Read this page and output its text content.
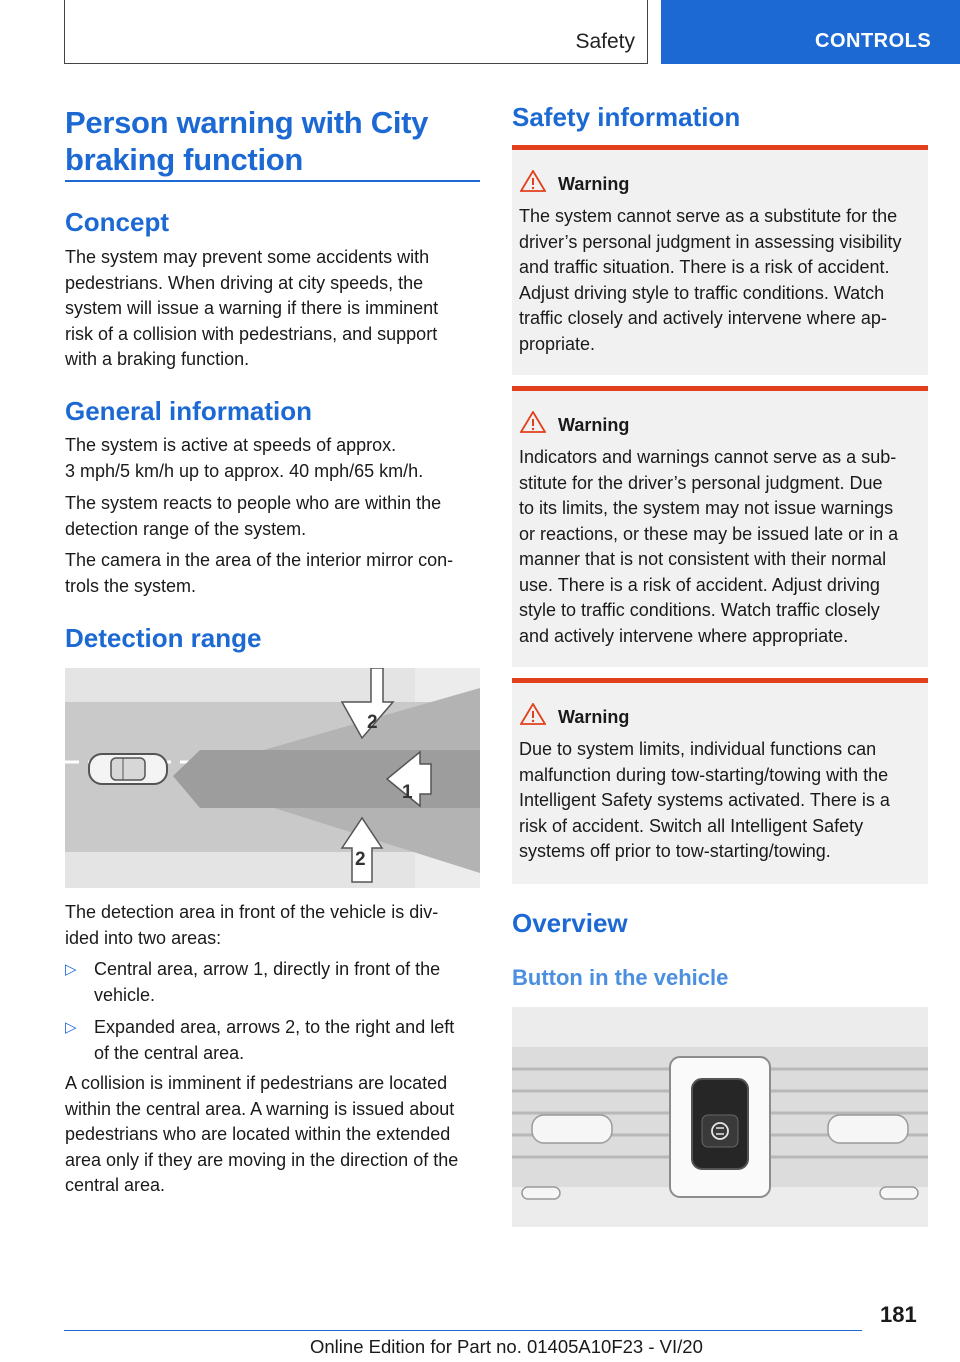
Safety	CONTROLS
Person warning with City
braking function
Concept
The system may prevent some accidents with
pedestrians. When driving at city speeds, the
system will issue a warning if there is imminent
risk of a collision with pedestrians, and support
with a braking function.
General information
The system is active at speeds of approx.
3 mph/5 km/h up to approx. 40 mph/65 km/h.
The system reacts to people who are within the
detection range of the system.
The camera in the area of the interior mirror con‐
trols the system.
Detection range
2
1
2
The detection area in front of the vehicle is div‐
ided into two areas:
▷ Central area, arrow 1, directly in front of the
vehicle.
▷ Expanded area, arrows 2, to the right and left
of the central area.
A collision is imminent if pedestrians are located
within the central area. A warning is issued about
pedestrians who are located within the extended
area only if they are moving in the direction of the
central area.
Safety information
Warning
The system cannot serve as a substitute for the
driver’s personal judgment in assessing visibility
and traffic situation. There is a risk of accident.
Adjust driving style to traffic conditions. Watch
traffic closely and actively intervene where ap‐
propriate.
Warning
Indicators and warnings cannot serve as a sub‐
stitute for the driver’s personal judgment. Due
to its limits, the system may not issue warnings
or reactions, or these may be issued late or in a
manner that is not consistent with their normal
use. There is a risk of accident. Adjust driving
style to traffic conditions. Watch traffic closely
and actively intervene where appropriate.
Warning
Due to system limits, individual functions can
malfunction during tow-starting/towing with the
Intelligent Safety systems activated. There is a
risk of accident. Switch all Intelligent Safety
systems off prior to tow-starting/towing.
Overview
Button in the vehicle
181
Online Edition for Part no. 01405A10F23 - VI/20
